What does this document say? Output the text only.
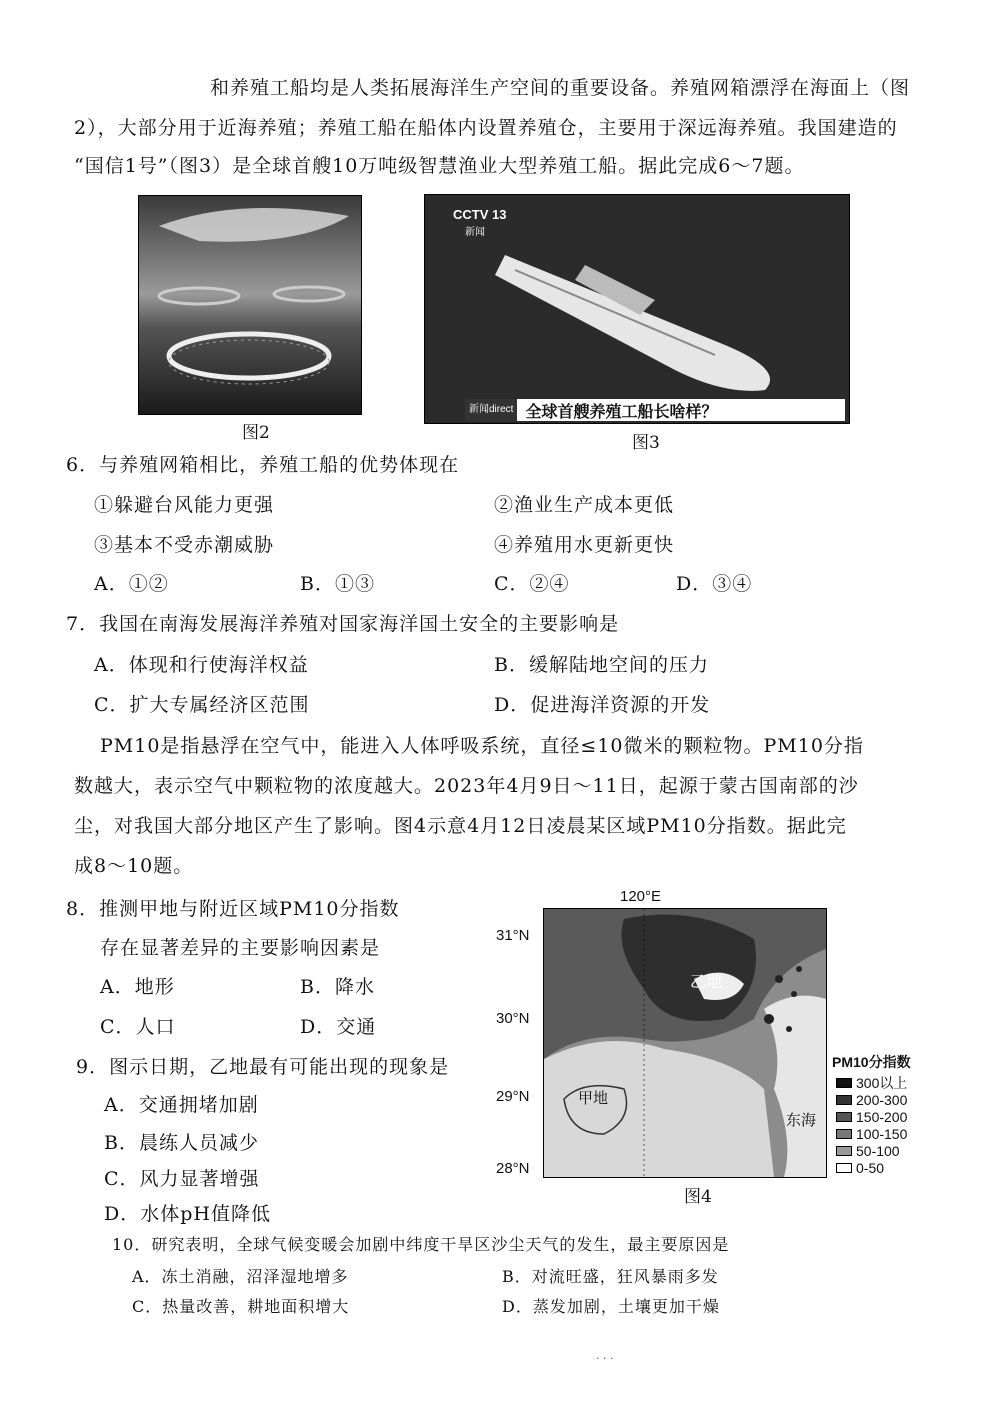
和养殖工船均是人类拓展海洋生产空间的重要设备。养殖网箱漂浮在海面上（图
2），大部分用于近海养殖；养殖工船在船体内设置养殖仓，主要用于深远海养殖。我国建造的
“国信1号”（图3）是全球首艘10万吨级智慧渔业大型养殖工船。据此完成6～7题。
图2
CCTV 13
新闻
新闻direct 全球首艘养殖工船长啥样？
图3
6．与养殖网箱相比，养殖工船的优势体现在
①躲避台风能力更强	②渔业生产成本更低
③基本不受赤潮威胁	④养殖用水更新更快
A．①②	B．①③	C．②④	D．③④
7．我国在南海发展海洋养殖对国家海洋国土安全的主要影响是
A．体现和行使海洋权益	B．缓解陆地空间的压力
C．扩大专属经济区范围	D．促进海洋资源的开发
PM10是指悬浮在空气中，能进入人体呼吸系统，直径≤10微米的颗粒物。PM10分指
数越大，表示空气中颗粒物的浓度越大。2023年4月9日～11日，起源于蒙古国南部的沙
尘，对我国大部分地区产生了影响。图4示意4月12日凌晨某区域PM10分指数。据此完
成8～10题。
8．推测甲地与附近区域PM10分指数
存在显著差异的主要影响因素是
A．地形	B．降水
C．人口	D．交通
9．图示日期，乙地最有可能出现的现象是
A．交通拥堵加剧
B．晨练人员减少
C．风力显著增强
D．水体pH值降低
120°E
31°N
30°N
29°N
28°N
乙地
甲地
东海
图4
PM10分指数
300以上
200-300
150-200
100-150
50-100
0-50
10．研究表明，全球气候变暖会加剧中纬度干旱区沙尘天气的发生，最主要原因是
A．冻土消融，沼泽湿地增多	B．对流旺盛，狂风暴雨多发
C．热量改善，耕地面积增大	D．蒸发加剧，土壤更加干燥
· · ·
